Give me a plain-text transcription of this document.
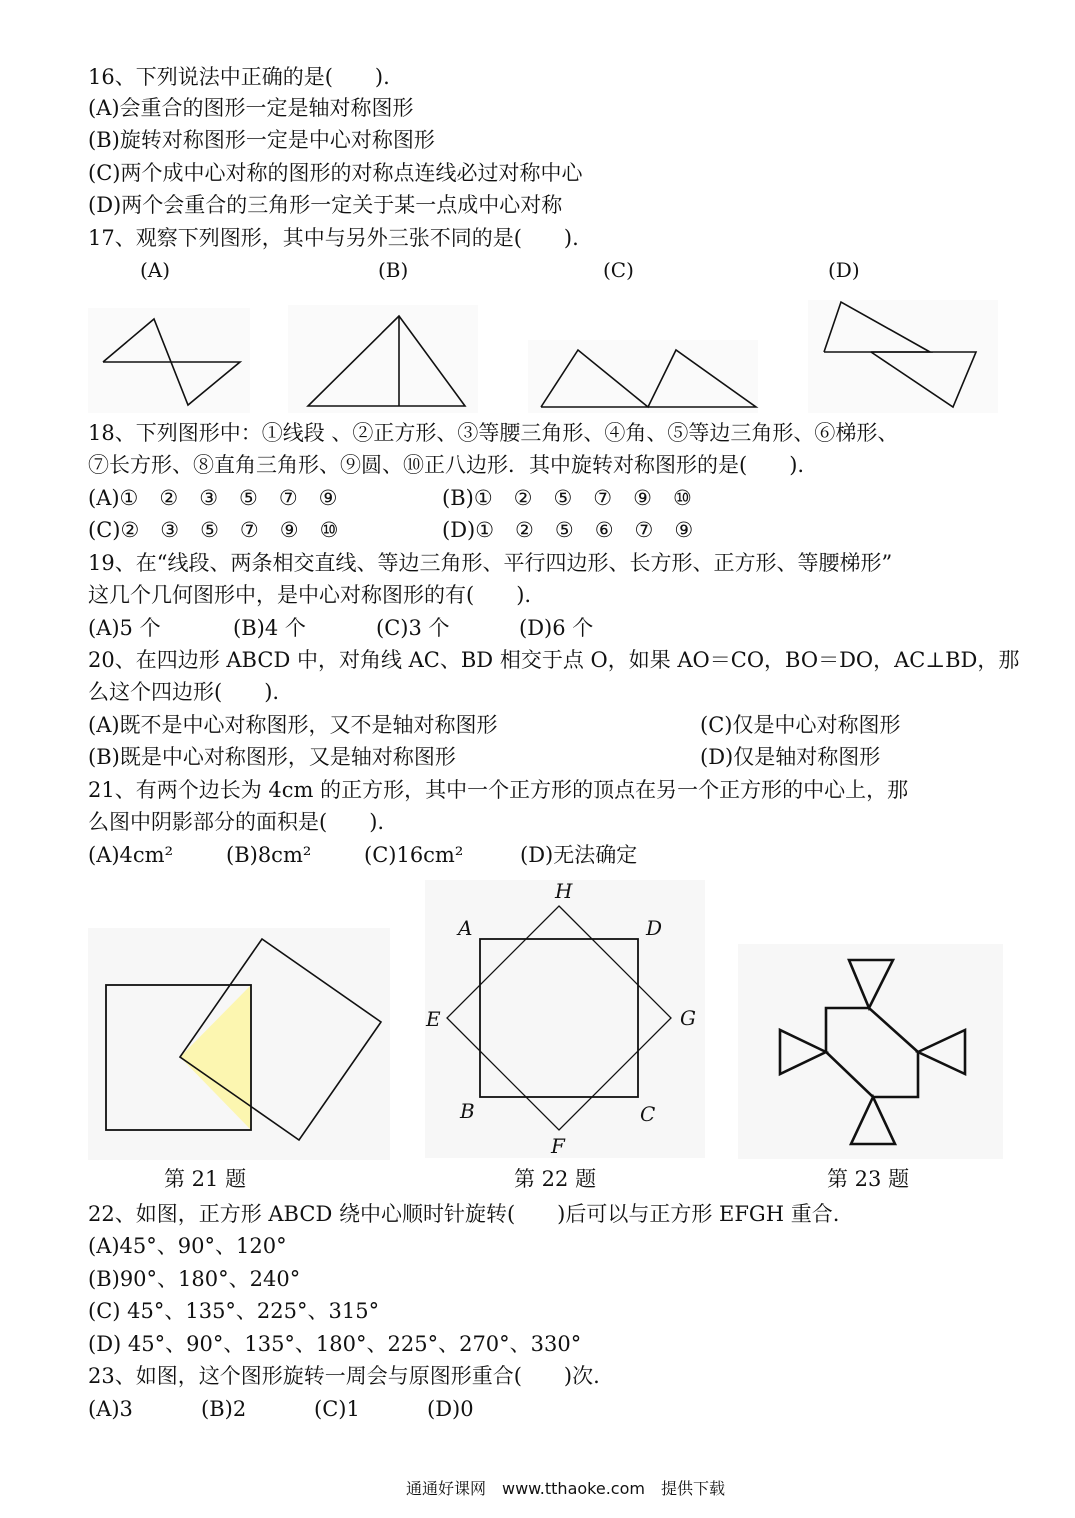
16、下列说法中正确的是(　　).
(A)会重合的图形一定是轴对称图形
(B)旋转对称图形一定是中心对称图形
(C)两个成中心对称的图形的对称点连线必过对称中心
(D)两个会重合的三角形一定关于某一点成中心对称
17、观察下列图形，其中与另外三张不同的是(　　).
(A)	(B)	(C)	(D)
18、下列图形中：①线段 、②正方形、③等腰三角形、④角、⑤等边三角形、⑥梯形、
⑦长方形、⑧直角三角形、⑨圆、⑩正八边形．其中旋转对称图形的是(　　).
(A)①　②　③　⑤　⑦　⑨	(B)①　②　⑤　⑦　⑨　⑩
(C)②　③　⑤　⑦　⑨　⑩	(D)①　②　⑤　⑥　⑦　⑨
19、在“线段、两条相交直线、等边三角形、平行四边形、长方形、正方形、等腰梯形”
这几个几何图形中，是中心对称图形的有(　　).
(A)5 个	(B)4 个	(C)3 个	(D)6 个
20、在四边形 ABCD 中，对角线 AC、BD 相交于点 O，如果 AO＝CO，BO＝DO，AC⊥BD，那
么这个四边形(　　).
(A)既不是中心对称图形，又不是轴对称图形	(C)仅是中心对称图形
(B)既是中心对称图形，又是轴对称图形	(D)仅是轴对称图形
21、有两个边长为 4cm 的正方形，其中一个正方形的顶点在另一个正方形的中心上，那
么图中阴影部分的面积是(　　).
(A)4cm²	(B)8cm²	(C)16cm²	(D)无法确定
H
A	D
E	G
B	C
F
第 21 题	第 22 题	第 23 题
22、如图，正方形 ABCD 绕中心顺时针旋转(　　)后可以与正方形 EFGH 重合.
(A)45°、90°、120°
(B)90°、180°、240°
(C) 45°、135°、225°、315°
(D) 45°、90°、135°、180°、225°、270°、330°
23、如图，这个图形旋转一周会与原图形重合(　　)次.
(A)3	(B)2	(C)1	(D)0
通通好课网　www.tthaoke.com　提供下载
